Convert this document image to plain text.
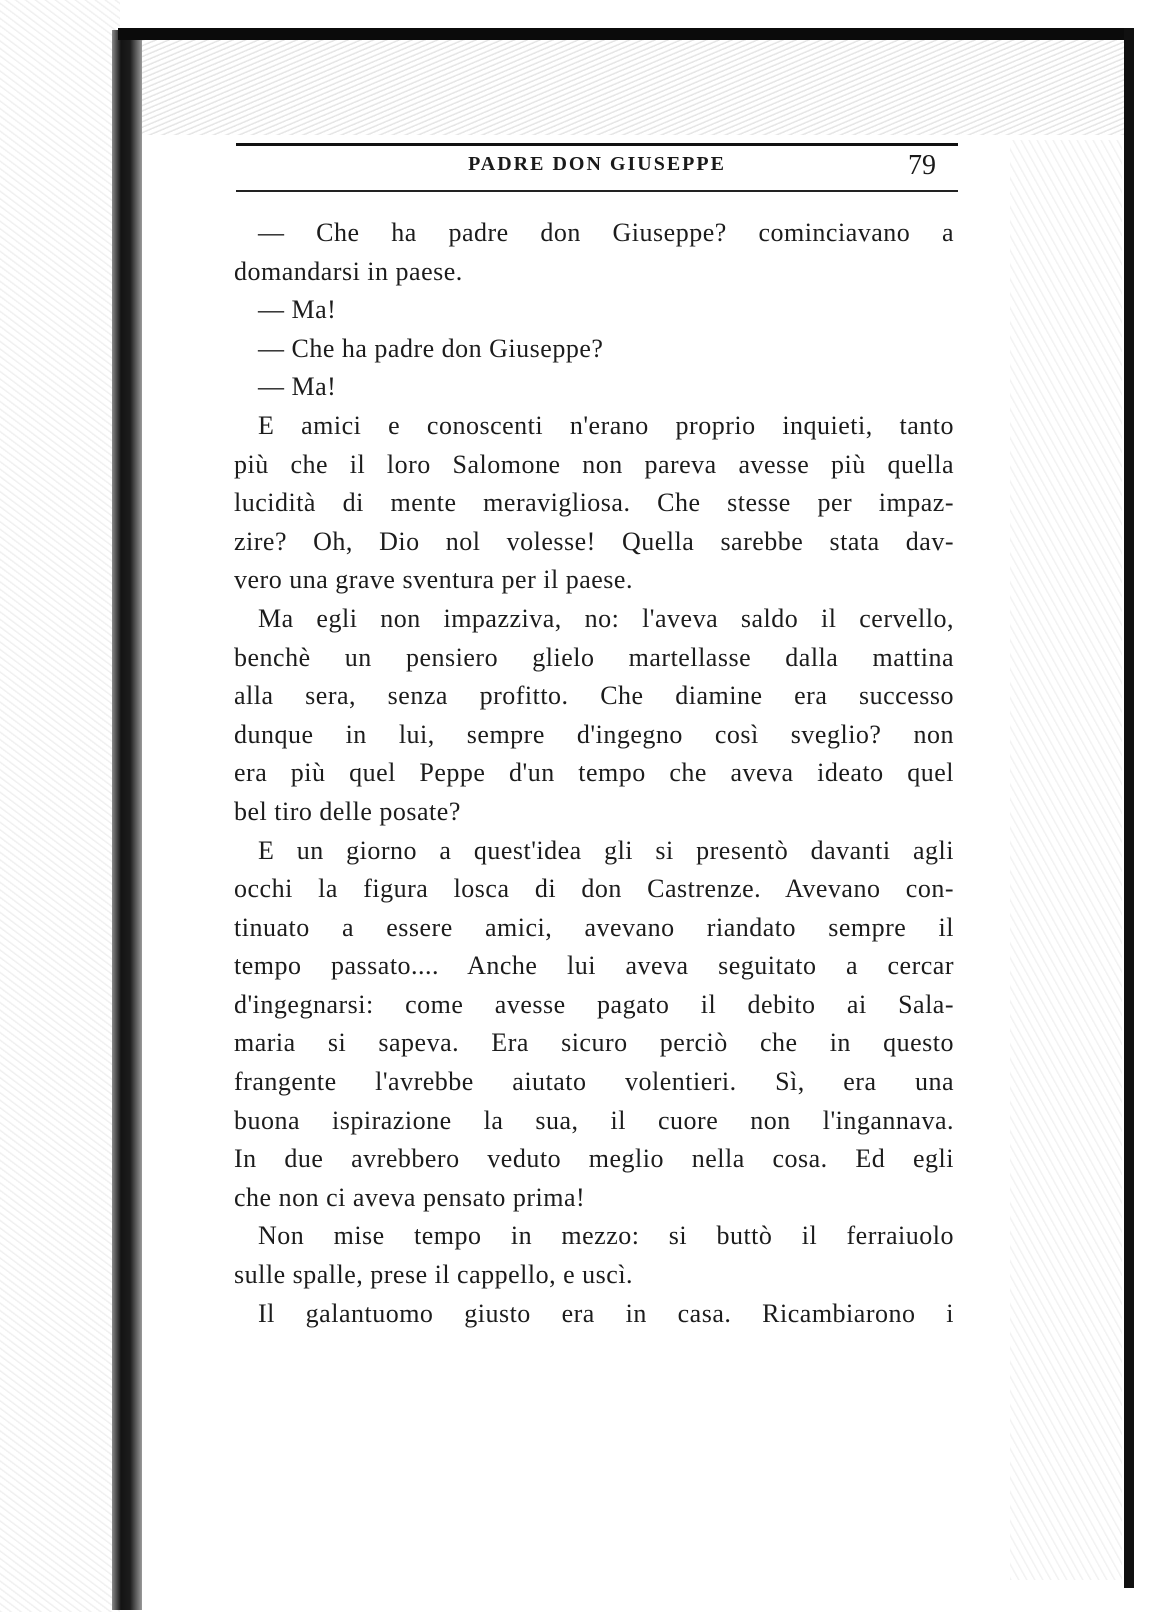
PADRE DON GIUSEPPE	79
— Che ha padre don Giuseppe? cominciavano a
domandarsi in paese.
— Ma!
— Che ha padre don Giuseppe?
— Ma!
E amici e conoscenti n'erano proprio inquieti, tanto
più che il loro Salomone non pareva avesse più quella
lucidità di mente meravigliosa. Che stesse per impaz-
zire? Oh, Dio nol volesse! Quella sarebbe stata dav-
vero una grave sventura per il paese.
Ma egli non impazziva, no: l'aveva saldo il cervello,
benchè un pensiero glielo martellasse dalla mattina
alla sera, senza profitto. Che diamine era successo
dunque in lui, sempre d'ingegno così sveglio? non
era più quel Peppe d'un tempo che aveva ideato quel
bel tiro delle posate?
E un giorno a quest'idea gli si presentò davanti agli
occhi la figura losca di don Castrenze. Avevano con-
tinuato a essere amici, avevano riandato sempre il
tempo passato.... Anche lui aveva seguitato a cercar
d'ingegnarsi: come avesse pagato il debito ai Sala-
maria si sapeva. Era sicuro perciò che in questo
frangente l'avrebbe aiutato volentieri. Sì, era una
buona ispirazione la sua, il cuore non l'ingannava.
In due avrebbero veduto meglio nella cosa. Ed egli
che non ci aveva pensato prima!
Non mise tempo in mezzo: si buttò il ferraiuolo
sulle spalle, prese il cappello, e uscì.
Il galantuomo giusto era in casa. Ricambiarono i
